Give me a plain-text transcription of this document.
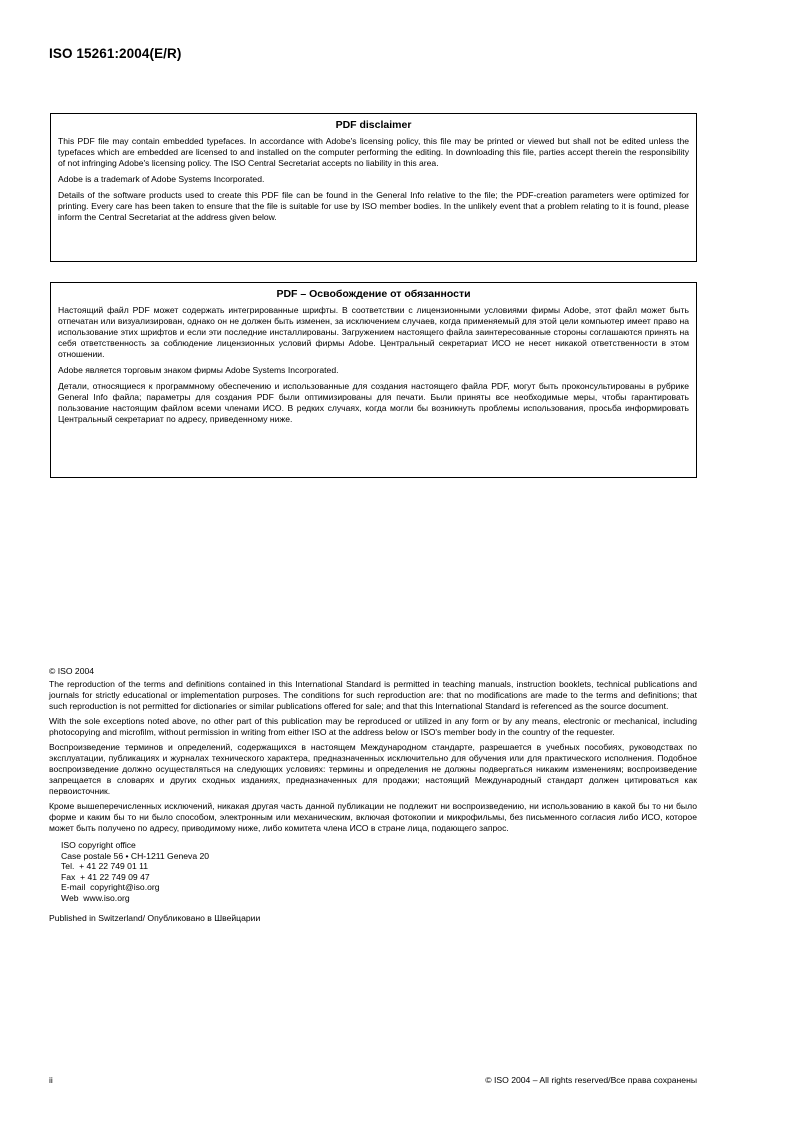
ISO 15261:2004(E/R)
PDF disclaimer

This PDF file may contain embedded typefaces. In accordance with Adobe's licensing policy, this file may be printed or viewed but shall not be edited unless the typefaces which are embedded are licensed to and installed on the computer performing the editing. In downloading this file, parties accept therein the responsibility of not infringing Adobe's licensing policy. The ISO Central Secretariat accepts no liability in this area.

Adobe is a trademark of Adobe Systems Incorporated.

Details of the software products used to create this PDF file can be found in the General Info relative to the file; the PDF-creation parameters were optimized for printing. Every care has been taken to ensure that the file is suitable for use by ISO member bodies. In the unlikely event that a problem relating to it is found, please inform the Central Secretariat at the address given below.

PDF – Освобождение от обязанности

Настоящий файл PDF может содержать интегрированные шрифты. В соответствии с лицензионными условиями фирмы Adobe, этот файл может быть отпечатан или визуализирован, однако он не должен быть изменен, за исключением случаев, когда применяемый для этой цели компьютер имеет право на использование этих шрифтов и если эти последние инсталлированы. Загружением настоящего файла заинтересованные стороны соглашаются принять на себя ответственность за соблюдение лицензионных условий фирмы Adobe. Центральный секретариат ИСО не несет никакой ответственности в этом отношении.

Adobe является торговым знаком фирмы Adobe Systems Incorporated.

Детали, относящиеся к программному обеспечению и использованные для создания настоящего файла PDF, могут быть проконсультированы в рубрике General Info файла; параметры для создания PDF были оптимизированы для печати. Были приняты все необходимые меры, чтобы гарантировать пользование настоящим файлом всеми членами ИСО. В редких случаях, когда могли бы возникнуть проблемы использования, просьба информировать Центральный секретариат по адресу, приведенному ниже.

© ISO 2004

The reproduction of the terms and definitions contained in this International Standard is permitted in teaching manuals, instruction booklets, technical publications and journals for strictly educational or implementation purposes. The conditions for such reproduction are: that no modifications are made to the terms and definitions; that such reproduction is not permitted for dictionaries or similar publications offered for sale; and that this International Standard is referenced as the source document.

With the sole exceptions noted above, no other part of this publication may be reproduced or utilized in any form or by any means, electronic or mechanical, including photocopying and microfilm, without permission in writing from either ISO at the address below or ISO's member body in the country of the requester.

Воспроизведение терминов и определений, содержащихся в настоящем Международном стандарте, разрешается в учебных пособиях, руководствах по эксплуатации, публикациях и журналах технического характера, предназначенных исключительно для обучения или для практического исполнения. Подобное воспроизведение должно осуществляться на следующих условиях: термины и определения не должны подвергаться никаким изменениям; воспроизведение запрещается в словарях и других сходных изданиях, предназначенных для продажи; настоящий Международный стандарт должен цитироваться как первоисточник.

Кроме вышеперечисленных исключений, никакая другая часть данной публикации не подлежит ни воспроизведению, ни использованию в какой бы то ни было форме и каким бы то ни было способом, электронным или механическим, включая фотокопии и микрофильмы, без письменного согласия либо ИСО, которое может быть получено по адресу, приводимому ниже, либо комитета члена ИСО в стране лица, подающего запрос.

ISO copyright office
Case postale 56 • CH-1211 Geneva 20
Tel.  + 41 22 749 01 11
Fax  + 41 22 749 09 47
E-mail  copyright@iso.org
Web  www.iso.org
Published in Switzerland/ Опубликовано в Швейцарии
ii	© ISO 2004 – All rights reserved/Все права сохранены
